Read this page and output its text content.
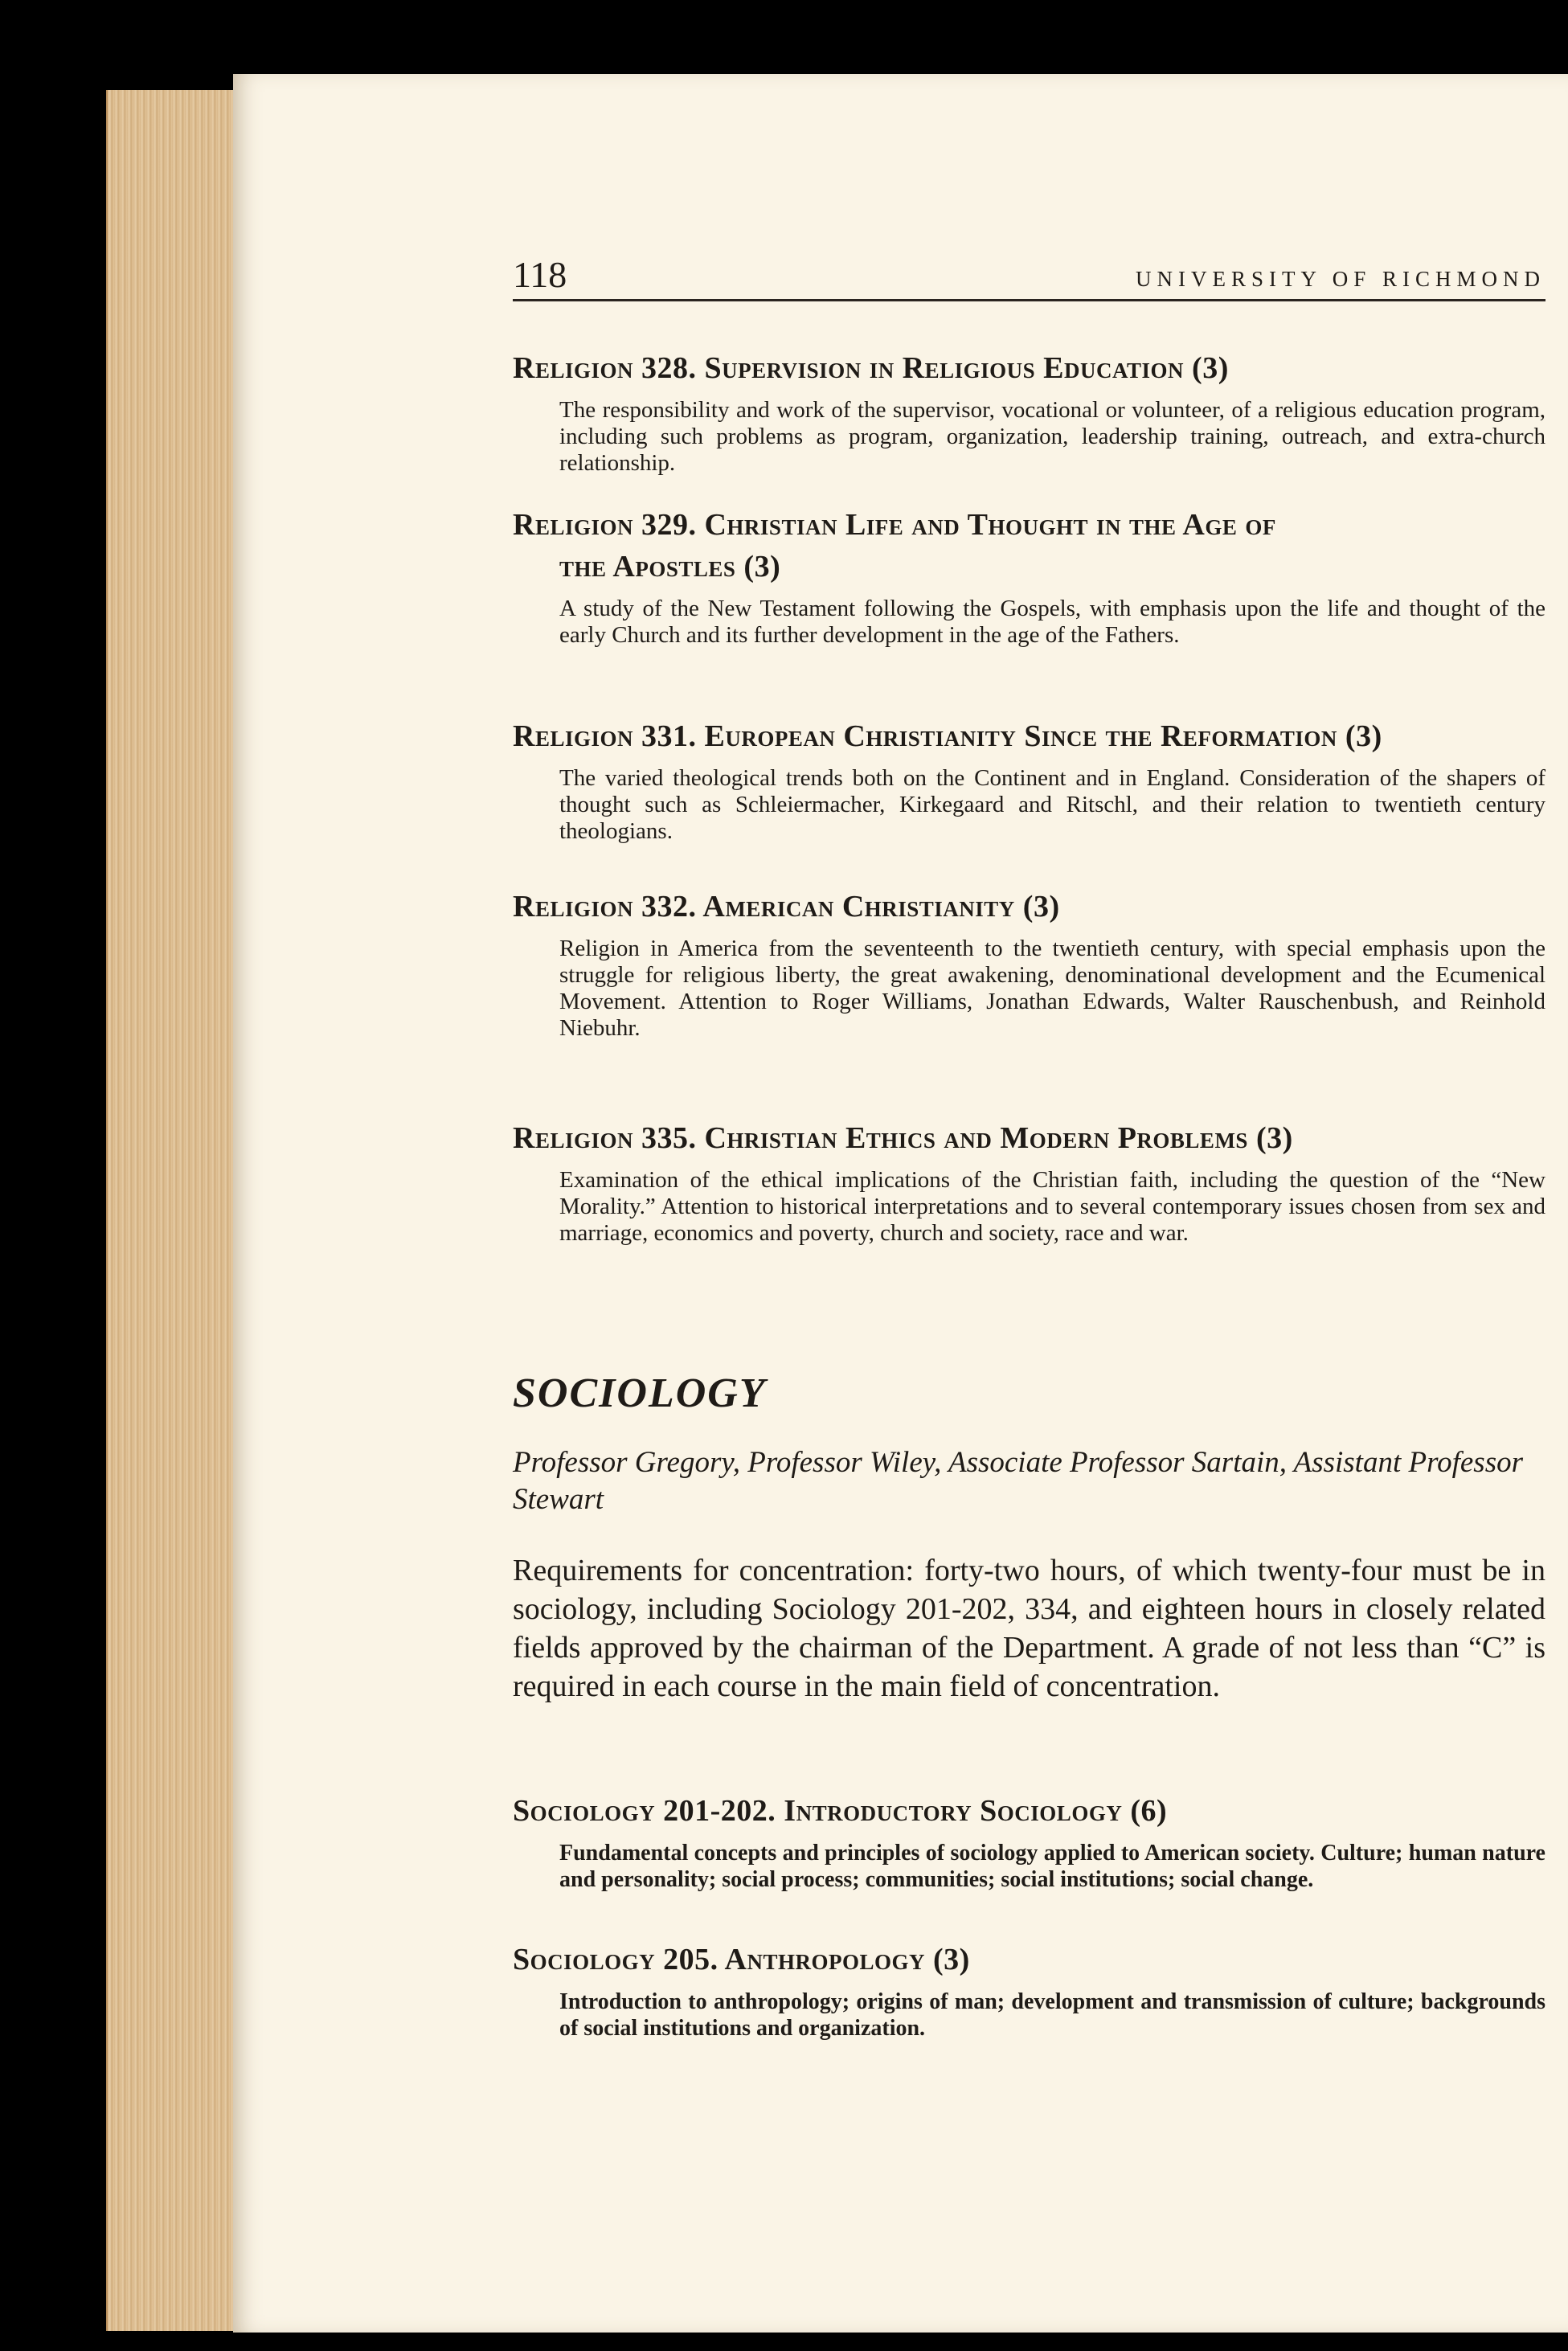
118	UNIVERSITY OF RICHMOND
Religion 328. Supervision in Religious Education (3)

The responsibility and work of the supervisor, vocational or volunteer, of a religious education program, including such problems as program, organization, leadership training, outreach, and extra-church relationship.

Religion 329. Christian Life and Thought in the Age of
the Apostles (3)

A study of the New Testament following the Gospels, with emphasis upon the life and thought of the early Church and its further development in the age of the Fathers.

Religion 331. European Christianity Since the Reformation (3)

The varied theological trends both on the Continent and in England. Consideration of the shapers of thought such as Schleiermacher, Kirkegaard and Ritschl, and their relation to twentieth century theologians.

Religion 332. American Christianity (3)

Religion in America from the seventeenth to the twentieth century, with special emphasis upon the struggle for religious liberty, the great awakening, denominational development and the Ecumenical Movement. Attention to Roger Williams, Jonathan Edwards, Walter Rauschenbush, and Reinhold Niebuhr.

Religion 335. Christian Ethics and Modern Problems (3)

Examination of the ethical implications of the Christian faith, including the question of the “New Morality.” Attention to historical interpretations and to several contemporary issues chosen from sex and marriage, economics and poverty, church and society, race and war.

SOCIOLOGY

Professor Gregory, Professor Wiley, Associate Professor Sartain, Assistant Professor Stewart

Requirements for concentration: forty-two hours, of which twenty-four must be in sociology, including Sociology 201-202, 334, and eighteen hours in closely related fields approved by the chairman of the Department. A grade of not less than “C” is required in each course in the main field of concentration.

Sociology 201-202. Introductory Sociology (6)

Fundamental concepts and principles of sociology applied to American society. Culture; human nature and personality; social process; communities; social institutions; social change.

Sociology 205. Anthropology (3)

Introduction to anthropology; origins of man; development and transmission of culture; backgrounds of social institutions and organization.
